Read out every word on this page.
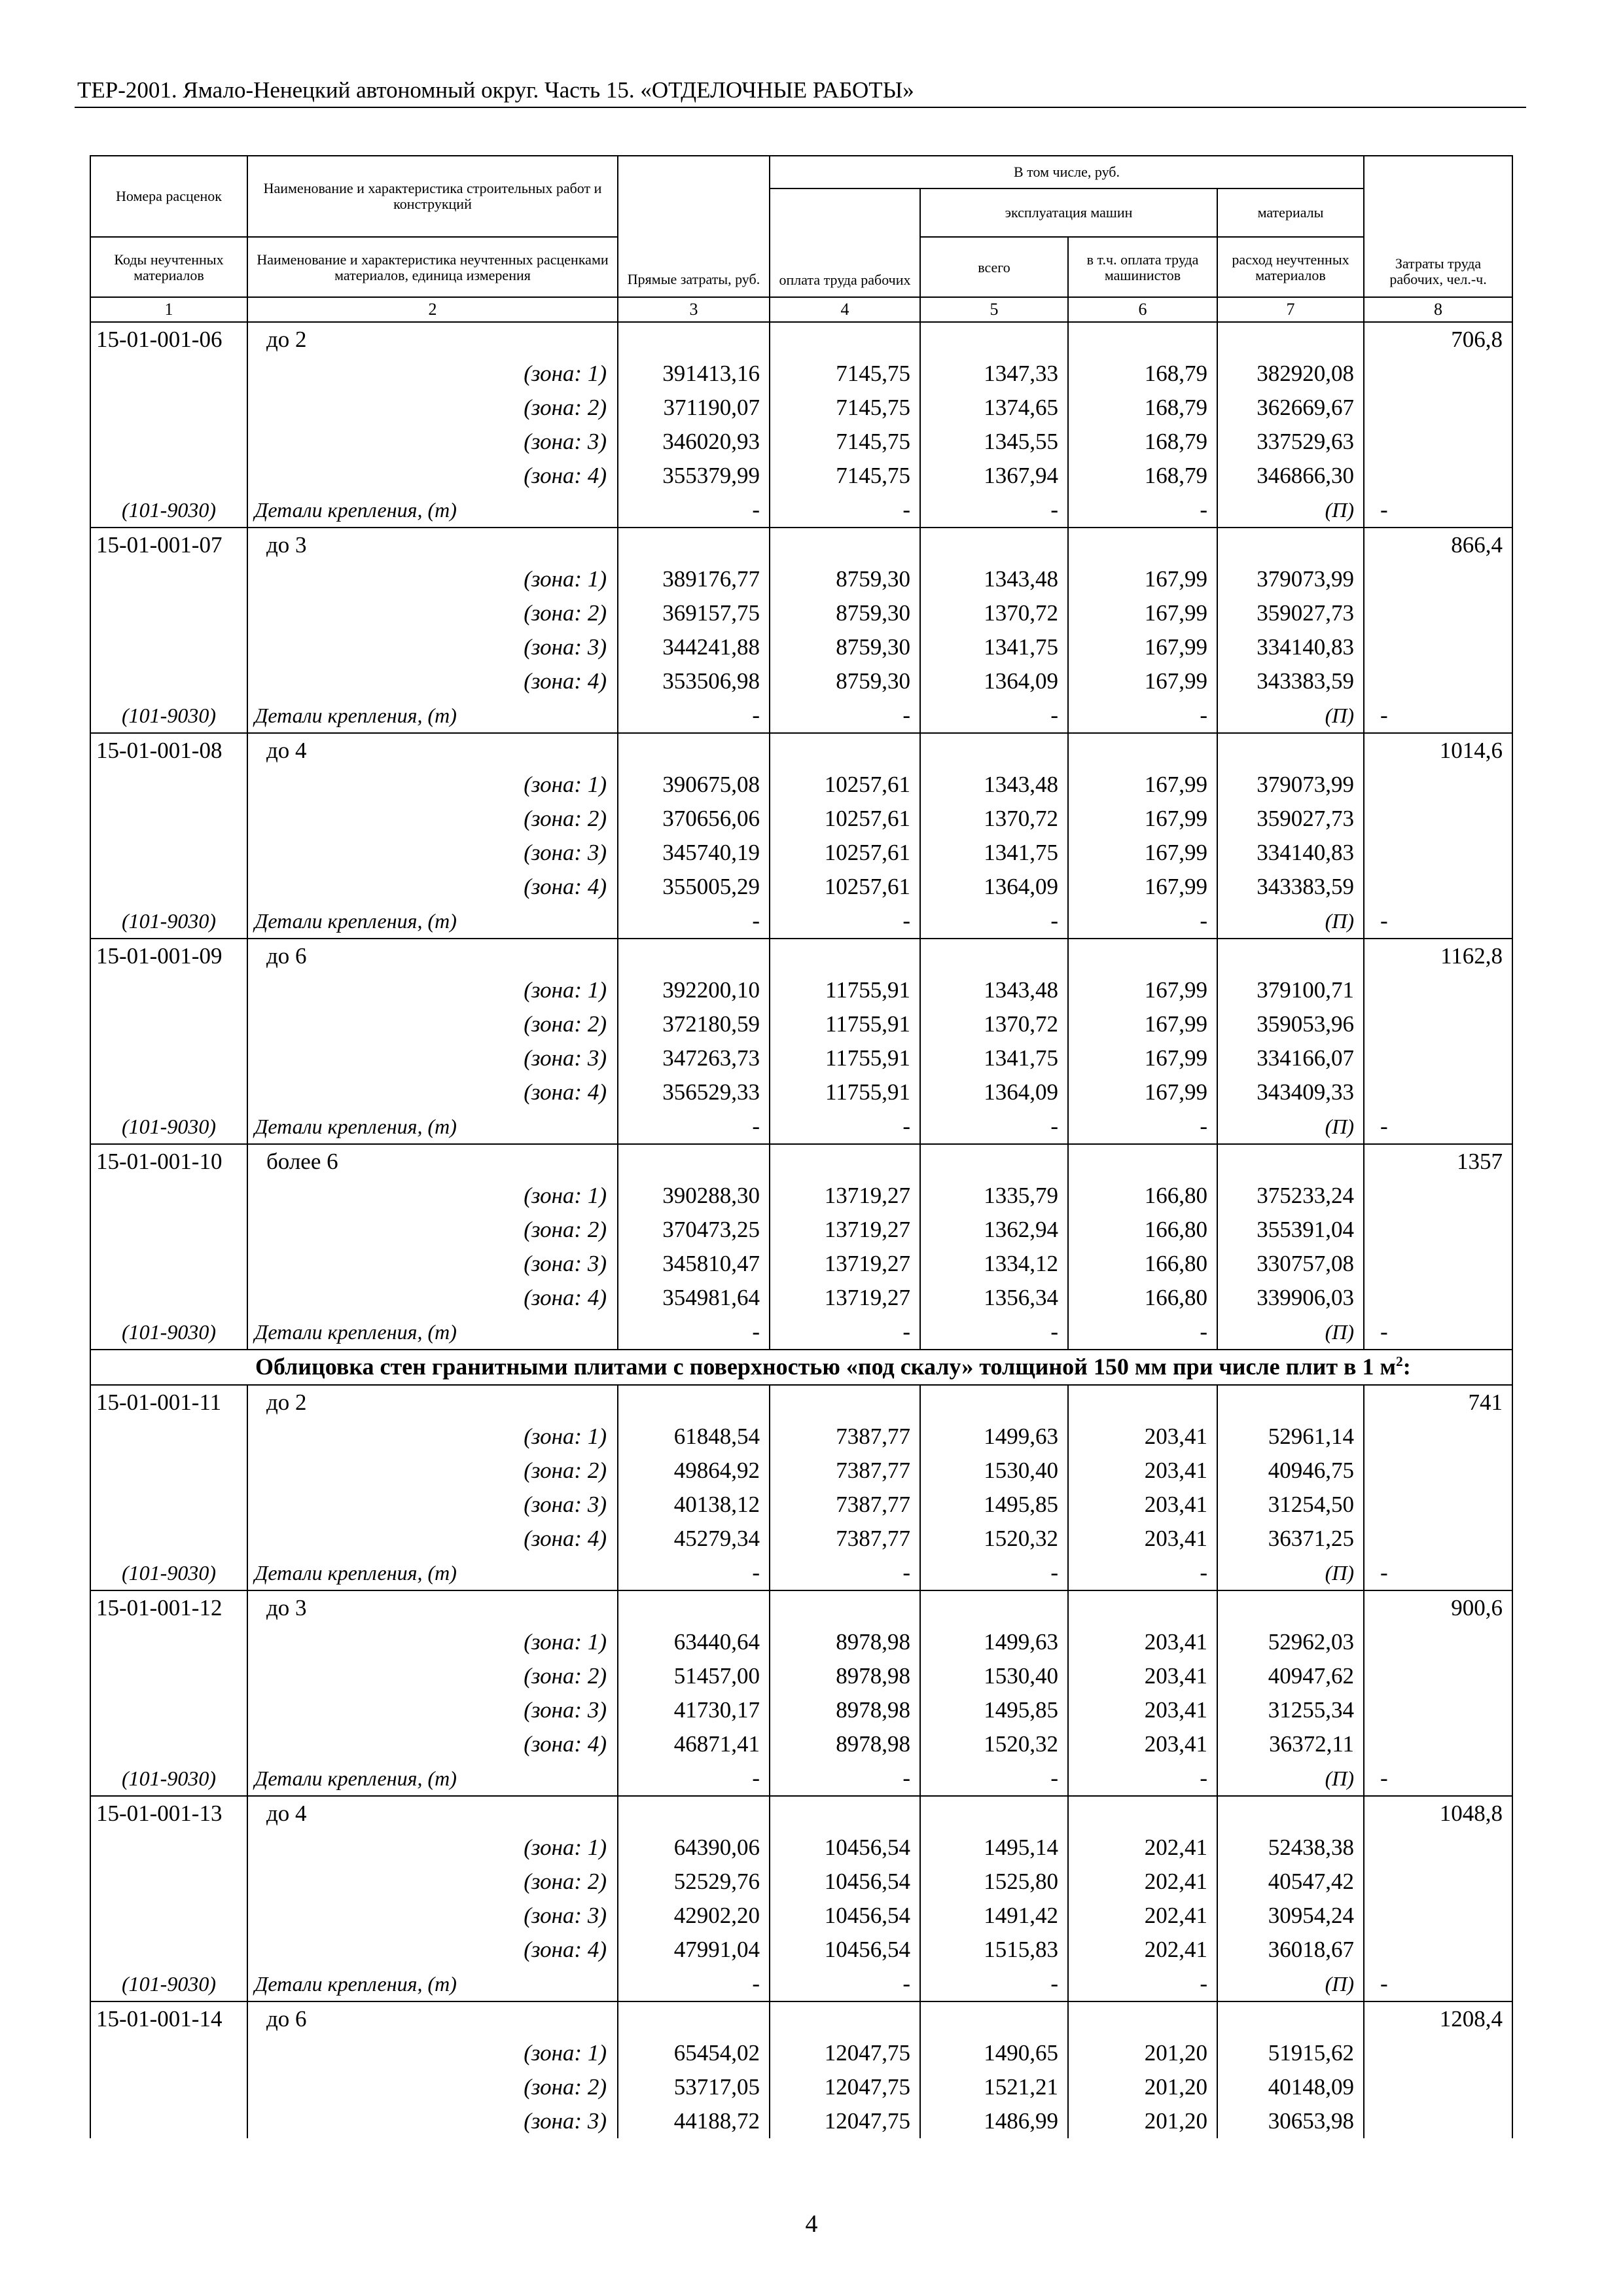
ТЕР-2001. Ямало-Ненецкий автономный округ. Часть 15. «ОТДЕЛОЧНЫЕ РАБОТЫ»
Номера расценок	Наименование и характеристика строительных работ и конструкций	Прямые затраты, руб.	В том числе, руб.				Затраты труда рабочих, чел.-ч.
			оплата труда рабочих	эксплуатация машин		материалы	
Коды неучтенных материалов	Наименование и характеристика неучтенных расценками материалов, единица измерения			всего	в т.ч. оплата труда машинистов	расход неучтенных материалов	

1	2	3	4	5	6	7	8
15-01-001-06	до 2						706,8
	(зона: 1)	391413,16	7145,75	1347,33	168,79	382920,08	
	(зона: 2)	371190,07	7145,75	1374,65	168,79	362669,67	
	(зона: 3)	346020,93	7145,75	1345,55	168,79	337529,63	
	(зона: 4)	355379,99	7145,75	1367,94	168,79	346866,30	
(101-9030)	Детали крепления, (т)	-	-	-	-	(П)	-
15-01-001-07	до 3						866,4
	(зона: 1)	389176,77	8759,30	1343,48	167,99	379073,99	
	(зона: 2)	369157,75	8759,30	1370,72	167,99	359027,73	
	(зона: 3)	344241,88	8759,30	1341,75	167,99	334140,83	
	(зона: 4)	353506,98	8759,30	1364,09	167,99	343383,59	
(101-9030)	Детали крепления, (т)	-	-	-	-	(П)	-
15-01-001-08	до 4						1014,6
	(зона: 1)	390675,08	10257,61	1343,48	167,99	379073,99	
	(зона: 2)	370656,06	10257,61	1370,72	167,99	359027,73	
	(зона: 3)	345740,19	10257,61	1341,75	167,99	334140,83	
	(зона: 4)	355005,29	10257,61	1364,09	167,99	343383,59	
(101-9030)	Детали крепления, (т)	-	-	-	-	(П)	-
15-01-001-09	до 6						1162,8
	(зона: 1)	392200,10	11755,91	1343,48	167,99	379100,71	
	(зона: 2)	372180,59	11755,91	1370,72	167,99	359053,96	
	(зона: 3)	347263,73	11755,91	1341,75	167,99	334166,07	
	(зона: 4)	356529,33	11755,91	1364,09	167,99	343409,33	
(101-9030)	Детали крепления, (т)	-	-	-	-	(П)	-
15-01-001-10	более 6						1357
	(зона: 1)	390288,30	13719,27	1335,79	166,80	375233,24	
	(зона: 2)	370473,25	13719,27	1362,94	166,80	355391,04	
	(зона: 3)	345810,47	13719,27	1334,12	166,80	330757,08	
	(зона: 4)	354981,64	13719,27	1356,34	166,80	339906,03	
(101-9030)	Детали крепления, (т)	-	-	-	-	(П)	-
	Облицовка стен гранитными плитами с поверхностью «под скалу» толщиной 150 мм при числе плит в 1 $м^2$:						
15-01-001-11	до 2						741
	(зона: 1)	61848,54	7387,77	1499,63	203,41	52961,14	
	(зона: 2)	49864,92	7387,77	1530,40	203,41	40946,75	
	(зона: 3)	40138,12	7387,77	1495,85	203,41	31254,50	
	(зона: 4)	45279,34	7387,77	1520,32	203,41	36371,25	
(101-9030)	Детали крепления, (т)	-	-	-	-	(П)	-
15-01-001-12	до 3						900,6
	(зона: 1)	63440,64	8978,98	1499,63	203,41	52962,03	
	(зона: 2)	51457,00	8978,98	1530,40	203,41	40947,62	
	(зона: 3)	41730,17	8978,98	1495,85	203,41	31255,34	
	(зона: 4)	46871,41	8978,98	1520,32	203,41	36372,11	
(101-9030)	Детали крепления, (т)	-	-	-	-	(П)	-
15-01-001-13	до 4						1048,8
	(зона: 1)	64390,06	10456,54	1495,14	202,41	52438,38	
	(зона: 2)	52529,76	10456,54	1525,80	202,41	40547,42	
	(зона: 3)	42902,20	10456,54	1491,42	202,41	30954,24	
	(зона: 4)	47991,04	10456,54	1515,83	202,41	36018,67	
(101-9030)	Детали крепления, (т)	-	-	-	-	(П)	-
15-01-001-14	до 6						1208,4
	(зона: 1)	65454,02	12047,75	1490,65	201,20	51915,62	
	(зона: 2)	53717,05	12047,75	1521,21	201,20	40148,09	
	(зона: 3)	44188,72	12047,75	1486,99	201,20	30653,98	
4
